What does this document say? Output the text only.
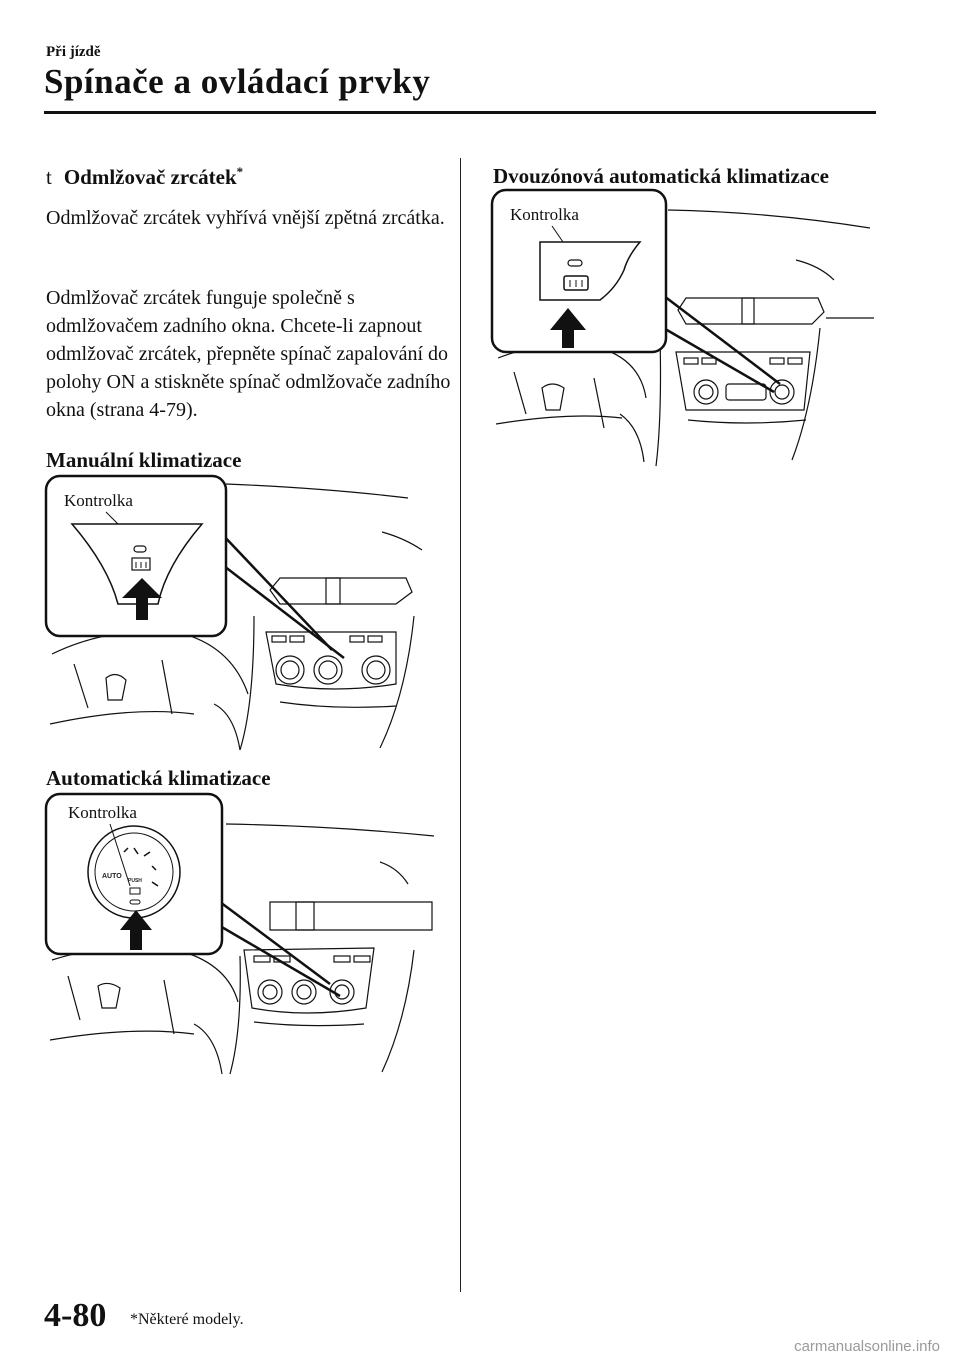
Při jízdě
Spínače a ovládací prvky
t Odmlžovač zrcátek*

Odmlžovač zrcátek vyhřívá vnější zpětná zrcátka.

Odmlžovač zrcátek funguje společně s odmlžovačem zadního okna. Chcete-li zapnout odmlžovač zrcátek, přepněte spínač zapalování do polohy ON a stiskněte spínač odmlžovače zadního okna (strana 4-79).

Manuální klimatizace
Kontrolka
Automatická klimatizace
Kontrolka
AUTO
PUSH
Dvouzónová automatická klimatizace
Kontrolka
4-80 *Některé modely.
carmanualsonline.info
